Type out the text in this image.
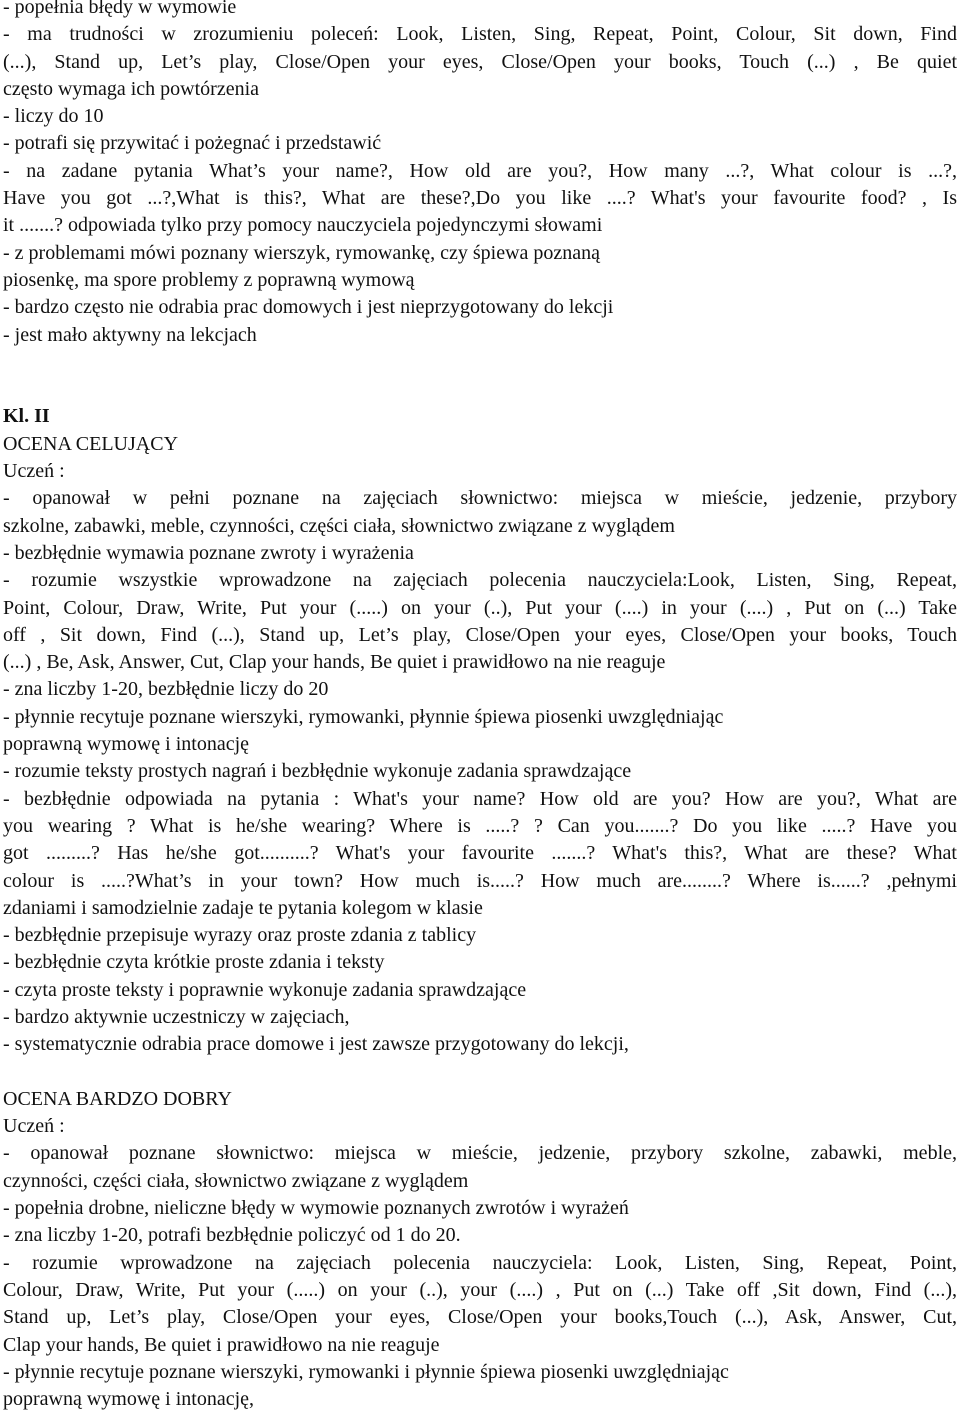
- popełnia błędy w wymowie
- ma trudności w zrozumieniu poleceń: Look, Listen, Sing, Repeat, Point, Colour, Sit down, Find
(...), Stand up, Let’s play, Close/Open your eyes, Close/Open your books, Touch (...) , Be quiet
często wymaga ich powtórzenia
- liczy do 10
- potrafi się przywitać i pożegnać i przedstawić
- na zadane pytania What’s your name?, How old are you?, How many ...?, What colour is ...?,
Have you got ...?,What is this?, What are these?,Do you like ....? What's your favourite food? , Is
it .......? odpowiada tylko przy pomocy nauczyciela pojedynczymi słowami
- z problemami mówi poznany wierszyk, rymowankę, czy śpiewa poznaną
piosenkę, ma spore problemy z poprawną wymową
- bardzo często nie odrabia prac domowych i jest nieprzygotowany do lekcji
- jest mało aktywny na lekcjach
Kl. II
OCENA CELUJĄCY
Uczeń :
- opanował w pełni poznane na zajęciach słownictwo: miejsca w mieście, jedzenie, przybory
szkolne, zabawki, meble, czynności, części ciała, słownictwo związane z wyglądem
- bezbłędnie wymawia poznane zwroty i wyrażenia
- rozumie wszystkie wprowadzone na zajęciach polecenia nauczyciela:Look, Listen, Sing, Repeat,
Point, Colour, Draw, Write, Put your (.....) on your (..), Put your (....) in your (....) , Put on (...) Take
off , Sit down, Find (...), Stand up, Let’s play, Close/Open your eyes, Close/Open your books, Touch
(...) , Be, Ask, Answer, Cut, Clap your hands, Be quiet i prawidłowo na nie reaguje
- zna liczby 1-20, bezbłędnie liczy do 20
- płynnie recytuje poznane wierszyki, rymowanki, płynnie śpiewa piosenki uwzględniając
poprawną wymowę i intonację
- rozumie teksty prostych nagrań i bezbłędnie wykonuje zadania sprawdzające
- bezbłędnie odpowiada na pytania : What's your name? How old are you? How are you?, What are
you wearing ? What is he/she wearing? Where is .....? ? Can you.......? Do you like .....? Have you
got .........? Has he/she got..........? What's your favourite .......? What's this?, What are these? What
colour is .....?What’s in your town? How much is.....? How much are........? Where is......? ,pełnymi
zdaniami i samodzielnie zadaje te pytania kolegom w klasie
- bezbłędnie przepisuje wyrazy oraz proste zdania z tablicy
- bezbłędnie czyta krótkie proste zdania i teksty
- czyta proste teksty i poprawnie wykonuje zadania sprawdzające
- bardzo aktywnie uczestniczy w zajęciach,
- systematycznie odrabia prace domowe i jest zawsze przygotowany do lekcji,
OCENA BARDZO DOBRY
Uczeń :
- opanował poznane słownictwo: miejsca w mieście, jedzenie, przybory szkolne, zabawki, meble,
czynności, części ciała, słownictwo związane z wyglądem
- popełnia drobne, nieliczne błędy w wymowie poznanych zwrotów i wyrażeń
- zna liczby 1-20, potrafi bezbłędnie policzyć od 1 do 20.
- rozumie wprowadzone na zajęciach polecenia nauczyciela: Look, Listen, Sing, Repeat, Point,
Colour, Draw, Write, Put your (.....) on your (..), your (....) , Put on (...) Take off ,Sit down, Find (...),
Stand up, Let’s play, Close/Open your eyes, Close/Open your books,Touch (...), Ask, Answer, Cut,
Clap your hands, Be quiet i prawidłowo na nie reaguje
- płynnie recytuje poznane wierszyki, rymowanki i płynnie śpiewa piosenki uwzględniając
poprawną wymowę i intonację,
